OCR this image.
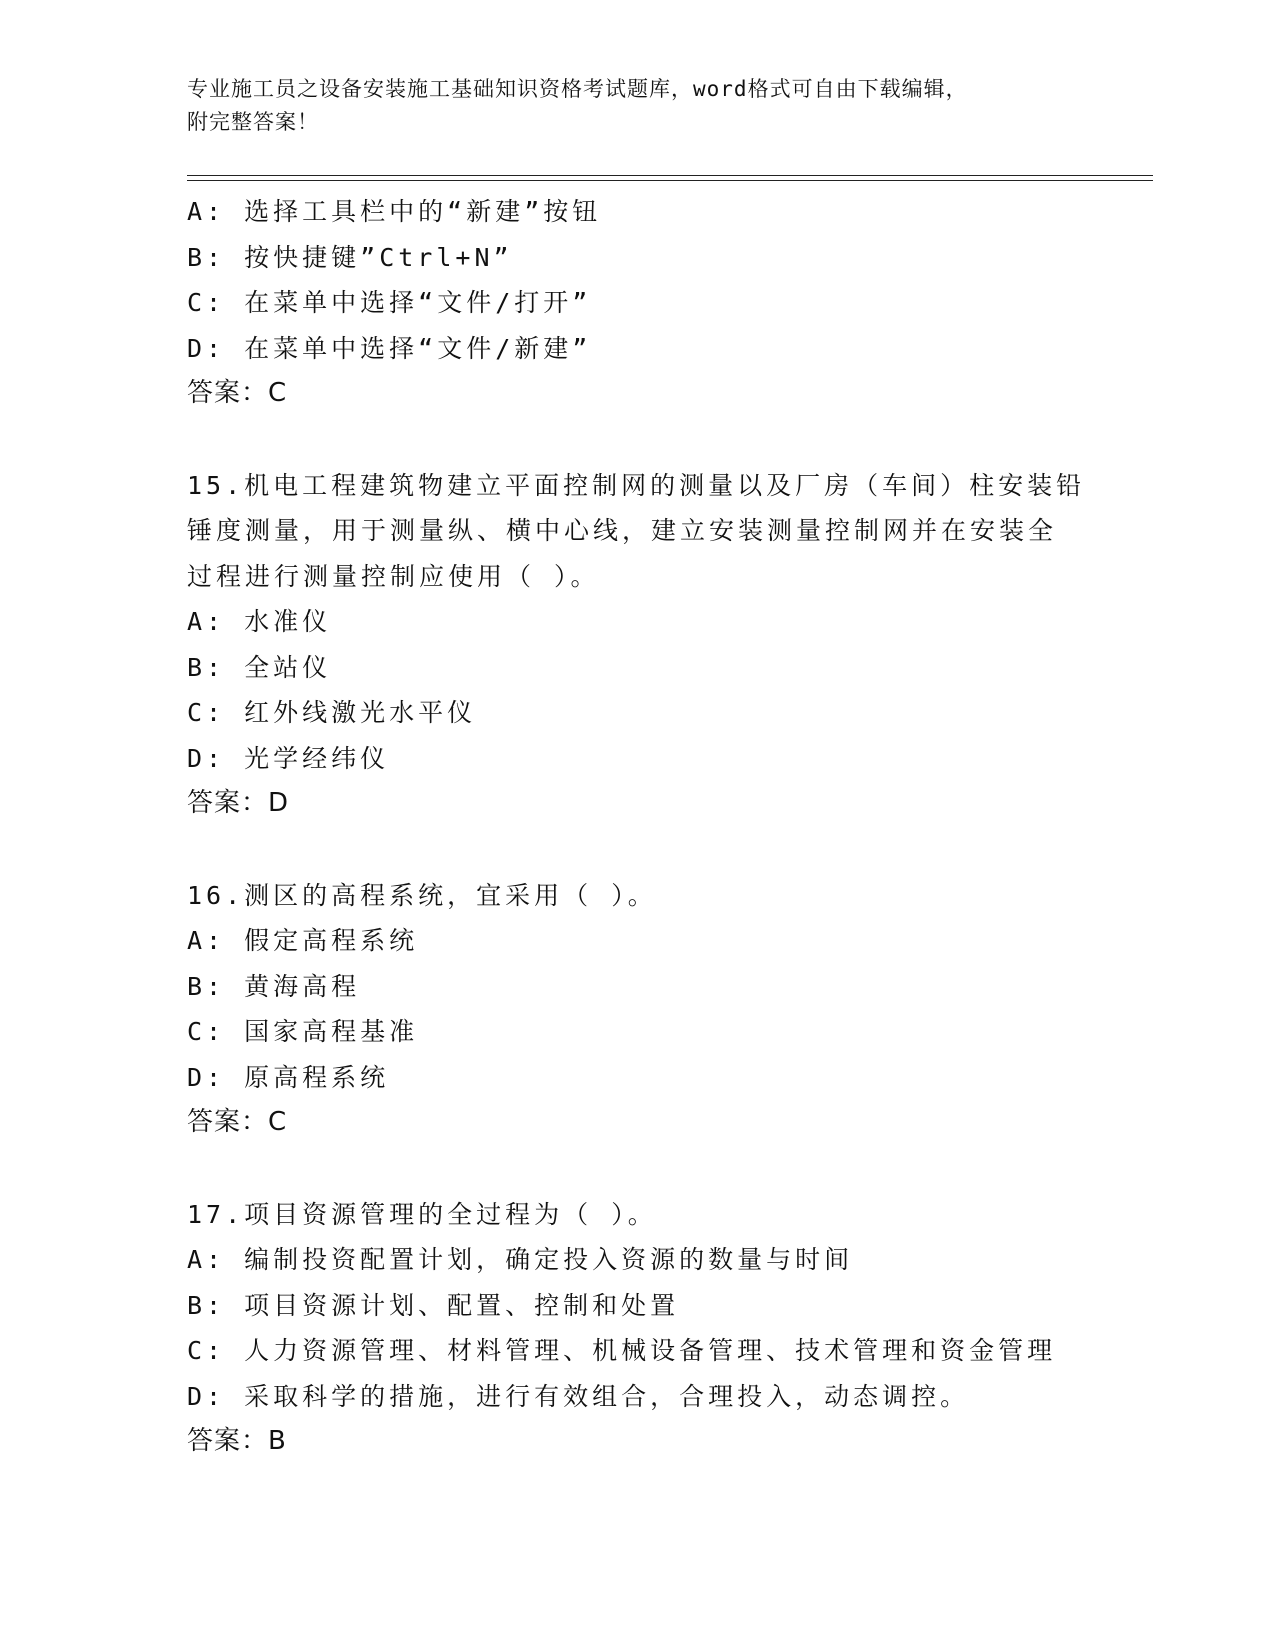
专业施工员之设备安装施工基础知识资格考试题库，word格式可自由下载编辑，
附完整答案！
A: 选择工具栏中的“新建”按钮
B: 按快捷键”Ctrl+N”
C: 在菜单中选择“文件/打开”
D: 在菜单中选择“文件/新建”
答案：C
15.机电工程建筑物建立平面控制网的测量以及厂房（车间）柱安装铅
锤度测量，用于测量纵、横中心线，建立安装测量控制网并在安装全
过程进行测量控制应使用（ ）。
A: 水准仪
B: 全站仪
C: 红外线激光水平仪
D: 光学经纬仪
答案：D
16.测区的高程系统，宜采用（ ）。
A: 假定高程系统
B: 黄海高程
C: 国家高程基准
D: 原高程系统
答案：C
17.项目资源管理的全过程为（ ）。
A: 编制投资配置计划，确定投入资源的数量与时间
B: 项目资源计划、配置、控制和处置
C: 人力资源管理、材料管理、机械设备管理、技术管理和资金管理
D: 采取科学的措施，进行有效组合，合理投入，动态调控。
答案：B
